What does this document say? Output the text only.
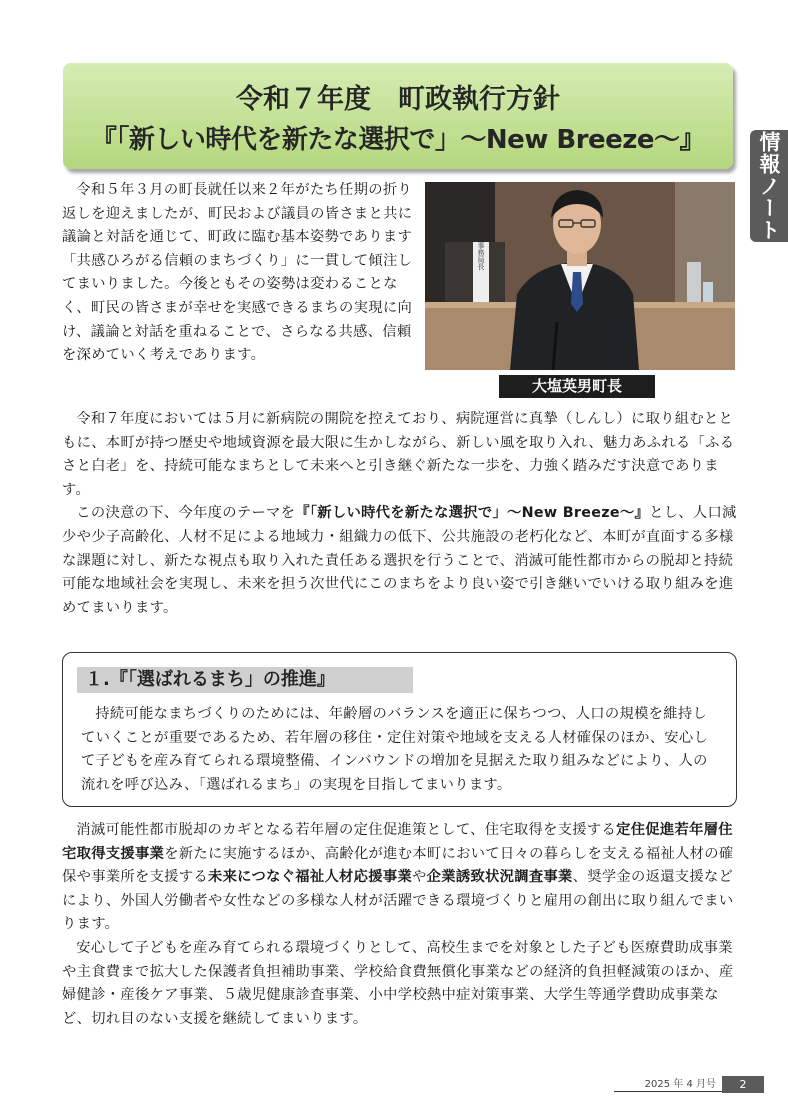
令和７年度　町政執行方針
『「新しい時代を新たな選択で」～New Breeze～』	情報ノート

令和５年３月の町長就任以来２年がたち任期の折り返しを迎えましたが、町民および議員の皆さまと共に議論と対話を通じて、町政に臨む基本姿勢であります「共感ひろがる信頼のまちづくり」に一貫して傾注してまいりました。今後ともその姿勢は変わることなく、町民の皆さまが幸せを実感できるまちの実現に向け、議論と対話を重ねることで、さらなる共感、信頼を深めていく考えであります。

事務局長
大塩英男町長

令和７年度においては５月に新病院の開院を控えており、病院運営に真摯（しんし）に取り組むとともに、本町が持つ歴史や地域資源を最大限に生かしながら、新しい風を取り入れ、魅力あふれる「ふるさと白老」を、持続可能なまちとして未来へと引き継ぐ新たな一歩を、力強く踏みだす決意であります。

この決意の下、今年度のテーマを『「新しい時代を新たな選択で」～New Breeze～』とし、人口減少や少子高齢化、人材不足による地域力・組織力の低下、公共施設の老朽化など、本町が直面する多様な課題に対し、新たな視点も取り入れた責任ある選択を行うことで、消滅可能性都市からの脱却と持続可能な地域社会を実現し、未来を担う次世代にこのまちをより良い姿で引き継いでいける取り組みを進めてまいります。

１.『「選ばれるまち」の推進』

持続可能なまちづくりのためには、年齢層のバランスを適正に保ちつつ、人口の規模を維持していくことが重要であるため、若年層の移住・定住対策や地域を支える人材確保のほか、安心して子どもを産み育てられる環境整備、インバウンドの増加を見据えた取り組みなどにより、人の流れを呼び込み、「選ばれるまち」の実現を目指してまいります。

消滅可能性都市脱却のカギとなる若年層の定住促進策として、住宅取得を支援する定住促進若年層住宅取得支援事業を新たに実施するほか、高齢化が進む本町において日々の暮らしを支える福祉人材の確保や事業所を支援する未来につなぐ福祉人材応援事業や企業誘致状況調査事業、奨学金の返還支援などにより、外国人労働者や女性などの多様な人材が活躍できる環境づくりと雇用の創出に取り組んでまいります。

安心して子どもを産み育てられる環境づくりとして、高校生までを対象とした子ども医療費助成事業や主食費まで拡大した保護者負担補助事業、学校給食費無償化事業などの経済的負担軽減策のほか、産婦健診・産後ケア事業、５歳児健康診査事業、小中学校熱中症対策事業、大学生等通学費助成事業など、切れ目のない支援を継続してまいります。

2025 年 4 月号	2
